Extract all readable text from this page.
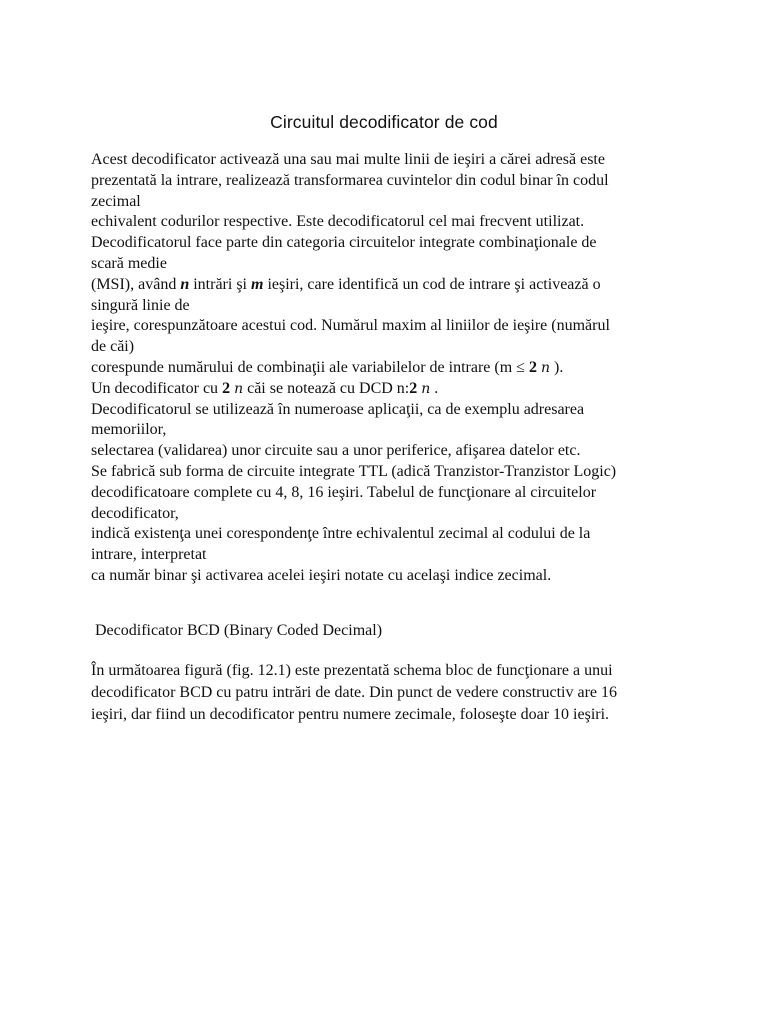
Circuitul decodificator de cod
Acest decodificator activează una sau mai multe linii de ieşiri a cărei adresă este
prezentată la intrare, realizează transformarea cuvintelor din codul binar în codul
zecimal
echivalent codurilor respective. Este decodificatorul cel mai frecvent utilizat.
Decodificatorul face parte din categoria circuitelor integrate combinaţionale de
scară medie
(MSI), având n intrări şi m ieşiri, care identifică un cod de intrare şi activează o
singură linie de
ieşire, corespunzătoare acestui cod. Numărul maxim al liniilor de ieşire (numărul
de căi)
corespunde numărului de combinaţii ale variabilelor de intrare (m ≤ 2 n ).
Un decodificator cu 2 n căi se notează cu DCD n:2 n .
Decodificatorul se utilizează în numeroase aplicaţii, ca de exemplu adresarea
memoriilor,
selectarea (validarea) unor circuite sau a unor periferice, afişarea datelor etc.
Se fabrică sub forma de circuite integrate TTL (adică Tranzistor-Tranzistor Logic)
decodificatoare complete cu 4, 8, 16 ieşiri. Tabelul de funcţionare al circuitelor
decodificator,
indică existenţa unei corespondenţe între echivalentul zecimal al codului de la
intrare, interpretat
ca număr binar şi activarea acelei ieşiri notate cu acelaşi indice zecimal.
Decodificator BCD (Binary Coded Decimal)
În următoarea figură (fig. 12.1) este prezentată schema bloc de funcţionare a unui
decodificator BCD cu patru intrări de date. Din punct de vedere constructiv are 16
ieşiri, dar fiind un decodificator pentru numere zecimale, foloseşte doar 10 ieşiri.
